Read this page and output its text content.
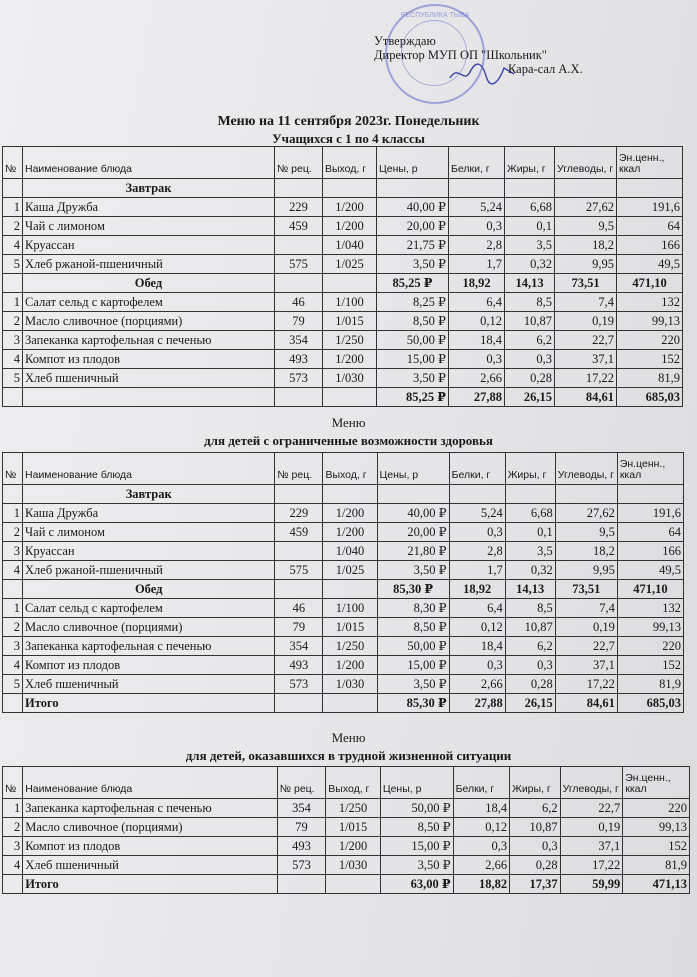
РЕСПУБЛИКА ТЫВА
Утверждаю
Директор МУП ОП "Школьник"
Кара-сал А.Х.
Меню на 11 сентября 2023г. Понедельник
Учащихся с 1 по 4 классы
№	Наименование блюда	№ рец.	Выход, г	Цены, р	Белки, г	Жиры, г	Углеводы, г	Эн.ценн., ккал
	Завтрак							
1	Каша Дружба	229	1/200	40,00 ₽	5,24	6,68	27,62	191,6
2	Чай с лимоном	459	1/200	20,00 ₽	0,3	0,1	9,5	64
4	Круассан		1/040	21,75 ₽	2,8	3,5	18,2	166
5	Хлеб ржаной-пшеничный	575	1/025	3,50 ₽	1,7	0,32	9,95	49,5
	Обед			85,25 ₽	18,92	14,13	73,51	471,10
1	Салат сельд с картофелем	46	1/100	8,25 ₽	6,4	8,5	7,4	132
2	Масло сливочное (порциями)	79	1/015	8,50 ₽	0,12	10,87	0,19	99,13
3	Запеканка картофельная с печенью	354	1/250	50,00 ₽	18,4	6,2	22,7	220
4	Компот из плодов	493	1/200	15,00 ₽	0,3	0,3	37,1	152
5	Хлеб пшеничный	573	1/030	3,50 ₽	2,66	0,28	17,22	81,9
				85,25 ₽	27,88	26,15	84,61	685,03
Меню
для детей с ограниченные возможности здоровья
№	Наименование блюда	№ рец.	Выход, г	Цены, р	Белки, г	Жиры, г	Углеводы, г	Эн.ценн., ккал
	Завтрак							
1	Каша Дружба	229	1/200	40,00 ₽	5,24	6,68	27,62	191,6
2	Чай с лимоном	459	1/200	20,00 ₽	0,3	0,1	9,5	64
3	Круассан		1/040	21,80 ₽	2,8	3,5	18,2	166
4	Хлеб ржаной-пшеничный	575	1/025	3,50 ₽	1,7	0,32	9,95	49,5
	Обед			85,30 ₽	18,92	14,13	73,51	471,10
1	Салат сельд с картофелем	46	1/100	8,30 ₽	6,4	8,5	7,4	132
2	Масло сливочное (порциями)	79	1/015	8,50 ₽	0,12	10,87	0,19	99,13
3	Запеканка картофельная с печенью	354	1/250	50,00 ₽	18,4	6,2	22,7	220
4	Компот из плодов	493	1/200	15,00 ₽	0,3	0,3	37,1	152
5	Хлеб пшеничный	573	1/030	3,50 ₽	2,66	0,28	17,22	81,9
	Итого			85,30 ₽	27,88	26,15	84,61	685,03
Меню
для детей, оказавшихся в трудной жизненной ситуации
№	Наименование блюда	№ рец.	Выход, г	Цены, р	Белки, г	Жиры, г	Углеводы, г	Эн.ценн., ккал
1	Запеканка картофельная с печенью	354	1/250	50,00 ₽	18,4	6,2	22,7	220
2	Масло сливочное (порциями)	79	1/015	8,50 ₽	0,12	10,87	0,19	99,13
3	Компот из плодов	493	1/200	15,00 ₽	0,3	0,3	37,1	152
4	Хлеб пшеничный	573	1/030	3,50 ₽	2,66	0,28	17,22	81,9
	Итого			63,00 ₽	18,82	17,37	59,99	471,13
